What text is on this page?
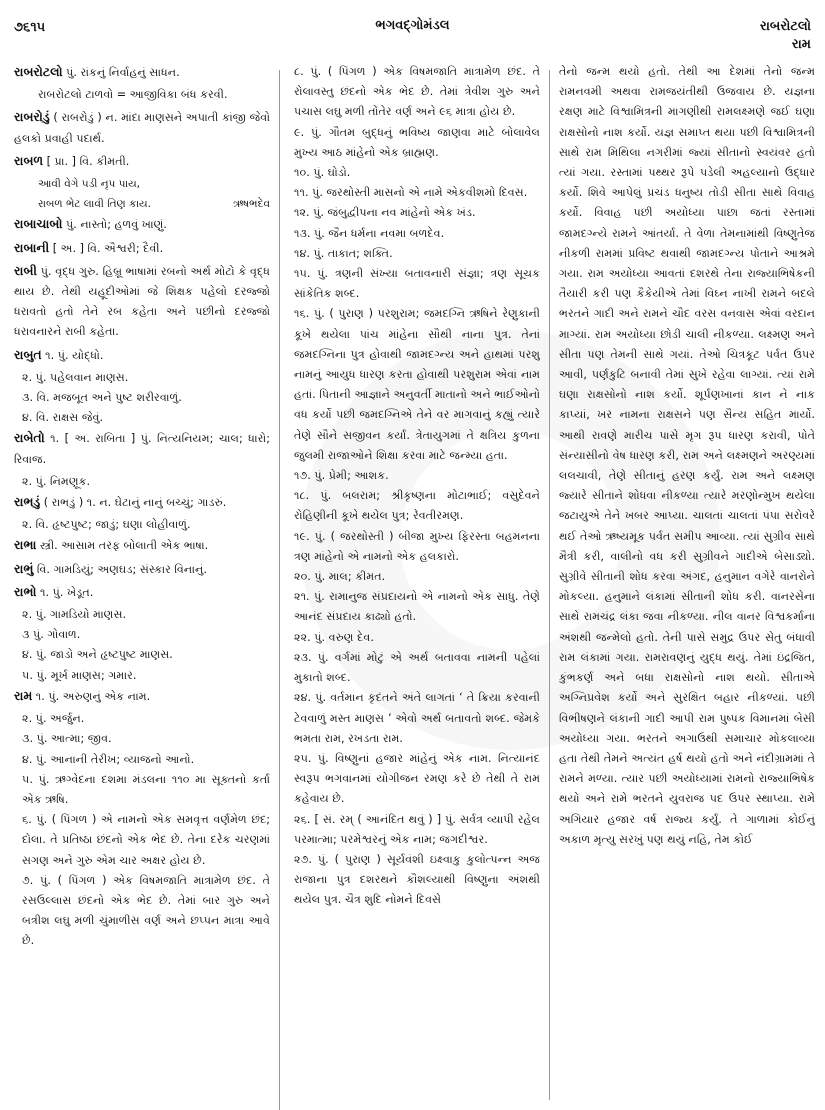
૭૬૧૫	ભગવદ્ગોમંડલ	રાબરોટલો
રામ
રાબરોટલો પું. રાંકનું નિર્વાહનું સાધન.
રાબરોટલો ટાળવો = આજીવિકા બંધ કરવી.
રાબરોડું ( રાબરોડું ) ન. માંદા માણસને અપાતી કાંજી જેવો હલકો પ્રવાહી પદાર્થ.
રાબળ [ પ્રા. ] વિ. કીમતી.
આવી વેગે પડી નૃપ પાય,
રાબળ ભેટ લાવી તિણ કાય.	ઋષભદેવ
રાબાચાબો પું. નાસ્તો; હળવું ખાણું.
રાબાની [ અ. ] વિ. ઐશ્વરી; દૈવી.
રાબી પું. વૃદ્ધ ગુરુ. હિબ્રૂ ભાષામાં રબનો અર્થ મોટો કે વૃદ્ધ થાય છે. તેથી યહૂદીઓમાં જે શિક્ષક પહેલો દરજ્જો ધરાવતો હતો તેને રબ કહેતા અને પછીનો દરજ્જો ધરાવનારને રાબી કહેતા.
રાબુત ૧. પું. યોદ્ધો.
૨. પું. પહેલવાન માણસ.
૩. વિ. મજબૂત અને પુષ્ટ શરીરવાળું.
૪. વિ. રાક્ષસ જેવું.
રાબેતો ૧. [ અ. રાબિતા ] પું. નિત્યનિયમ; ચાલ; ધારો; રિવાજ.
૨. પું. નિમણૂક.
રાભડું ( રાભડું ) ૧. ન. ઘેટાનું નાનું બચ્ચું; ગાડરું.
૨. વિ. હૃષ્ટપુષ્ટ; જાડું; ઘણા લોહીવાળું.
રાભા સ્ત્રી. આસામ તરફ બોલાતી એક ભાષા.
રાભું વિ. ગામડિયું; અણઘડ; સંસ્કાર વિનાનું.
રાભો ૧. પું. ખેડૂત.
૨. પું. ગામડિયો માણસ.
૩ પું. ગોવાળ.
૪. પું. જાડો અને હૃષ્ટપુષ્ટ માણસ.
૫. પું. મૂર્ખ માણસ; ગમાર.
રામ ૧. પું. અરુણનું એક નામ.
૨. પું. અર્જુન.
૩. પું. આત્મા; જીવ.
૪. પું. આનાની તેરીખ; વ્યાજનો આનો.
૫. પું. ઋગ્વેદના દશમા મંડલના ૧૧૦ મા સૂક્તનો કર્તા એક ઋષિ.
૬. પું. ( પિંગળ ) એ નામનો એક સમવૃત્ત વર્ણમેળ છંદ; દોલા. તે પ્રતિષ્ઠા છંદનો એક ભેદ છે. તેના દરેક ચરણમાં સગણ અને ગુરુ એમ ચાર અક્ષર હોય છે.
૭. પું. ( પિંગળ ) એક વિષમજાતિ માત્રામેળ છંદ. તે રસઉલ્લાસ છંદનો એક ભેદ છે. તેમાં બાર ગુરુ અને બત્રીશ લઘુ મળી ચુંમાળીસ વર્ણ અને છપ્પન માત્રા આવે છે.
૮. પું. ( પિંગળ ) એક વિષમજાતિ માત્રામેળ છંદ. તે રોલાવસ્તુ છંદનો એક ભેદ છે. તેમાં ત્રેવીશ ગુરુ અને પચાસ લઘુ મળી તોંતેર વર્ણ અને ૯૬ માત્રા હોય છે.
૯. પું. ગૌતમ બુદ્ધનું ભવિષ્ય જાણવા માટે બોલાવેલ મુખ્ય આઠ માંહેનો એક બ્રાહ્મણ.
૧૦. પું. ઘોડો.
૧૧. પું. જરથોસ્તી માસનો એ નામે એકવીશમો દિવસ.
૧૨. પું. જંબુદ્વીપના નવ માંહેનો એક ખંડ.
૧૩. પું. જૈન ધર્મના નવમા બળદેવ.
૧૪. પું. તાકાત; શક્તિ.
૧૫. પું. ત્રણની સંખ્યા બતાવનારી સંજ્ઞા; ત્રણ સૂચક સાંકેતિક શબ્દ.
૧૬. પું. ( પુરાણ ) પરશુરામ; જમદગ્નિ ઋષિને રેણુકાની કૂખે થયેલા પાંચ માંહેના સૌથી નાના પુત્ર. તેનાં જમદગ્નિના પુત્ર હોવાથી જામદગ્ન્ય અને હાથમાં પરશુ નામનું આયુધ ધારણ કરતા હોવાથી પરશુરામ એવાં નામ હતાં. પિતાની આજ્ઞાને અનુવર્તી માતાનો અને ભાઈઓનો વધ કર્યો પછી જમદગ્નિએ તેને વર માગવાનું કહ્યું ત્યારે તેણે સૌને સજીવન કર્યાં. ત્રેતાયુગમાં તે ક્ષત્રિય કુળના જુલમી રાજાઓને શિક્ષા કરવા માટે જન્મ્યા હતા.
૧૭. પું. પ્રેમી; આશક.
૧૮. પું. બલરામ; શ્રીકૃષ્ણના મોટાભાઈ; વસુદેવને રોહિણીની કૂખે થયેલ પુત્ર; રેવતીરમણ.
૧૯. પું. ( જરથોસ્તી ) બીજા મુખ્ય ફિરસ્તા બહમનના ત્રણ માંહેનો એ નામનો એક હલકારો.
૨૦. પું. માલ; કીમત.
૨૧. પું. રામાનુજ સંપ્રદાયનો એ નામનો એક સાધુ. તેણે આનંદ સંપ્રદાય કાઢ્યો હતો.
૨૨. પું. વરુણ દેવ.
૨૩. પું. વર્ગમાં મોટું એ અર્થ બતાવવા નામની પહેલાં મુકાતો શબ્દ.
૨૪. પું. વર્તમાન કૃદંતને અંતે લાગતાં ‘ તે ક્રિયા કરવાની ટેવવાળું મસ્ત માણસ ’ એવો અર્થ બતાવતો શબ્દ. જેમકે ભમતા રામ, રખડતા રામ.
૨૫. પું. વિષ્ણુનાં હજાર માંહેનું એક નામ. નિત્યાનંદ સ્વરૂપ ભગવાનમાં યોગીજન રમણ કરે છે તેથી તે રામ કહેવાય છે.
૨૬. [ સં. રમ્ ( આનંદિત થવું ) ] પું. સર્વત્ર વ્યાપી રહેલ પરમાત્મા; પરમેશ્વરનું એક નામ; જગદીશ્વર.
૨૭. પું. ( પુરાણ ) સૂર્યવંશી ઇક્ષ્વાકુ કુલોત્પન્ન અજ રાજાના પુત્ર દશરથને કૌશલ્યાથી વિષ્ણુના અંશથી થયેલ પુત્ર. ચૈત્ર શુદિ નોમને દિવસે
તેનો જન્મ થયો હતો. તેથી આ દેશમાં તેનો જન્મ રામનવમી અથવા રામજયંતીથી ઉજવાય છે. યજ્ઞના રક્ષણ માટે વિશ્વામિત્રની માગણીથી રામલક્ષ્મણે જઈ ઘણા રાક્ષસોનો નાશ કર્યો. યજ્ઞ સમાપ્ત થયા પછી વિશ્વામિત્રની સાથે રામ મિથિલા નગરીમાં જ્યાં સીતાનો સ્વયંવર હતો ત્યાં ગયા. રસ્તામાં પથ્થર રૂપે પડેલી અહલ્યાનો ઉદ્ધાર કર્યો. શિવે આપેલું પ્રચંડ ધનુષ્ય તોડી સીતા સાથે વિવાહ કર્યો. વિવાહ પછી અયોધ્યા પાછા જતાં રસ્તામાં જામદગ્ન્યે રામને આંતર્યા. તે વેળા તેમનામાંથી વિષ્ણુતેજ નીકળી રામમાં પ્રવિષ્ટ થવાથી જામદગ્ન્ય પોતાને આશ્રમે ગયા. રામ અયોધ્યા આવતાં દશરથે તેના રાજ્યાભિષેકની તૈયારી કરી પણ કૈકેયીએ તેમાં વિઘ્ન નાખી રામને બદલે ભરતને ગાદી અને રામને ચૌદ વરસ વનવાસ એવાં વરદાન માગ્યાં. રામ અયોધ્યા છોડી ચાલી નીકળ્યા. લક્ષ્મણ અને સીતા પણ તેમની સાથે ગયાં. તેઓ ચિત્રકૂટ પર્વત ઉપર આવી, પર્ણકુટિ બનાવી તેમાં સુખે રહેવા લાગ્યાં. ત્યાં રામે ઘણા રાક્ષસોનો નાશ કર્યો. શૂર્પણખાનાં કાન ને નાક કાપ્યાં, ખર નામના રાક્ષસને પણ સૈન્ય સહિત માર્યો. આથી રાવણે મારીચ પાસે મૃગ રૂપ ધારણ કરાવી, પોતે સંન્યાસીનો વેષ ધારણ કરી, રામ અને લક્ષ્મણને અરણ્યમાં લલચાવી, તેણે સીતાનું હરણ કર્યું. રામ અને લક્ષ્મણ જ્યારે સીતાને શોધવા નીકળ્યા ત્યારે મરણોન્મુખ થયેલા જટાયુએ તેને ખબર આપ્યા. ચાલતાં ચાલતાં પંપા સરોવરે થઈ તેઓ ઋષ્યમૂક પર્વત સમીપ આવ્યા. ત્યાં સુગ્રીવ સાથે મૈત્રી કરી, વાલીનો વધ કરી સુગ્રીવને ગાદીએ બેસાડ્યો. સુગ્રીવે સીતાની શોધ કરવા અંગદ, હનુમાન વગેરે વાનરોને મોકલ્યા. હનુમાને લંકામાં સીતાની શોધ કરી. વાનરસેના સાથે રામચંદ્ર લંકા જવા નીકળ્યા. નીલ વાનર વિશ્વકર્માના અંશથી જન્મેલો હતો. તેની પાસે સમુદ્ર ઉપર સેતુ બંધાવી રામ લંકામાં ગયા. રામરાવણનું યુદ્ધ થયું. તેમાં ઇંદ્રજિત, કુંભકર્ણ અને બધા રાક્ષસોનો નાશ થયો. સીતાએ અગ્નિપ્રવેશ કર્યો અને સુરક્ષિત બહાર નીકળ્યાં. પછી વિભીષણને લંકાની ગાદી આપી રામ પુષ્પક વિમાનમાં બેસી અયોધ્યા ગયા. ભરતને અગાઉથી સમાચાર મોકલાવ્યા હતા તેથી તેમને અત્યંત હર્ષ થયો હતો અને નંદીગ્રામમાં તે રામને મળ્યા. ત્યાર પછી અયોધ્યામાં રામનો રાજ્યાભિષેક થયો અને રામે ભરતને યુવરાજ પદ ઉપર સ્થાપ્યા. રામે અગિયાર હજાર વર્ષ રાજ્ય કર્યું. તે ગાળામાં કોઈનું અકાળ મૃત્યુ સરખું પણ થયું નહિ, તેમ કોઈ
